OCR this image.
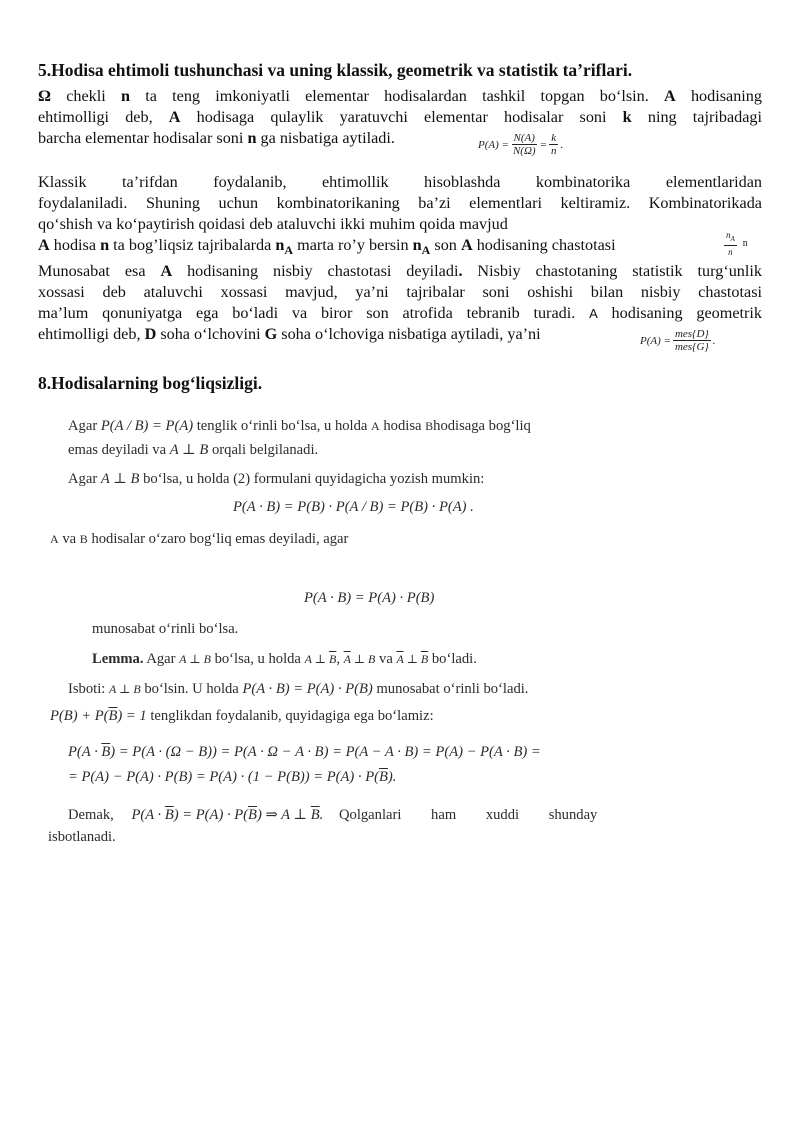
5.Hodisa ehtimoli tushunchasi va uning klassik, geometrik va statistik ta’riflari.
Ω chekli n ta teng imkoniyatli elementar hodisalardan tashkil topgan bo‘lsin. A hodisaning
ehtimolligi deb, A hodisaga qulaylik yaratuvchi elementar hodisalar soni k ning tajribadagi
barcha elementar hodisalar soni n ga nisbatiga aytiladi.	$P(A) = \frac{N(A)}{N(\Omega)} = \frac{k}{n}$ .
Klassik ta’rifdan foydalanib, ehtimollik hisoblashda kombinatorika elementlaridan
foydalaniladi. Shuning uchun kombinatorikaning ba’zi elementlari keltiramiz. Kombinatorikada
qo‘shish va ko‘paytirish qoidasi deb ataluvchi ikki muhim qoida mavjud
A hodisa n ta bog’liqsiz tajribalarda $n_A$ marta ro’y bersin $n_A$ son A hodisaning chastotasi
Munosabat esa A hodisaning nisbiy chastotasi deyiladi. Nisbiy chastotaning statistik turg‘unlik
xossasi deb ataluvchi xossasi mavjud, ya’ni tajribalar soni oshishi bilan nisbiy chastotasi
ma’lum qonuniyatga ega bo‘ladi va biror son atrofida tebranib turadi. A hodisaning geometrik
ehtimolligi deb, D soha o‘lchovini G soha o‘lchoviga nisbatiga aytiladi, ya’ni
$\frac{n_A}{n}$ n
$P(A) = \frac{\text{mes\{D\}}}{\text{mes\{G\}}}$ .
8.Hodisalarning bog‘liqsizligi.
Agar P(A / B) = P(A) tenglik o‘rinli bo‘lsa, u holda A hodisa Bhodisaga bog‘liq
emas deyiladi va A ⊥ B orqali belgilanadi.
Agar A ⊥ B bo‘lsa, u holda (2) formulani quyidagicha yozish mumkin:
P(A · B) = P(B) · P(A / B) = P(B) · P(A) .
A va B hodisalar o‘zaro bog‘liq emas deyiladi, agar
P(A · B) = P(A) · P(B)
munosabat o‘rinli bo‘lsa.
Lemma. Agar A ⊥ B bo‘lsa, u holda A ⊥ $\overline{B}$, $\overline{A}$ ⊥ B va $\overline{A}$ ⊥ $\overline{B}$ bo‘ladi.
Isboti: A ⊥ B bo‘lsin. U holda P(A · B) = P(A) · P(B) munosabat o‘rinli bo‘ladi.
$P(B) + P(\overline{B}) = 1$ tenglikdan foydalanib, quyidagiga ega bo‘lamiz:
$P(A \cdot \overline{B}) = P(A \cdot (\Omega - B)) = P(A \cdot \Omega - A \cdot B) = P(A - A \cdot B) = P(A) - P(A \cdot B)$ =
= $P(A) - P(A) \cdot P(B) = P(A) \cdot (1 - P(B)) = P(A) \cdot P(\overline{B})$.
Demak, $P(A \cdot \overline{B}) = P(A) \cdot P(\overline{B})$ ⇒ A ⊥ $\overline{B}$. Qolganlari ham xuddi shunday
isbotlanadi.
